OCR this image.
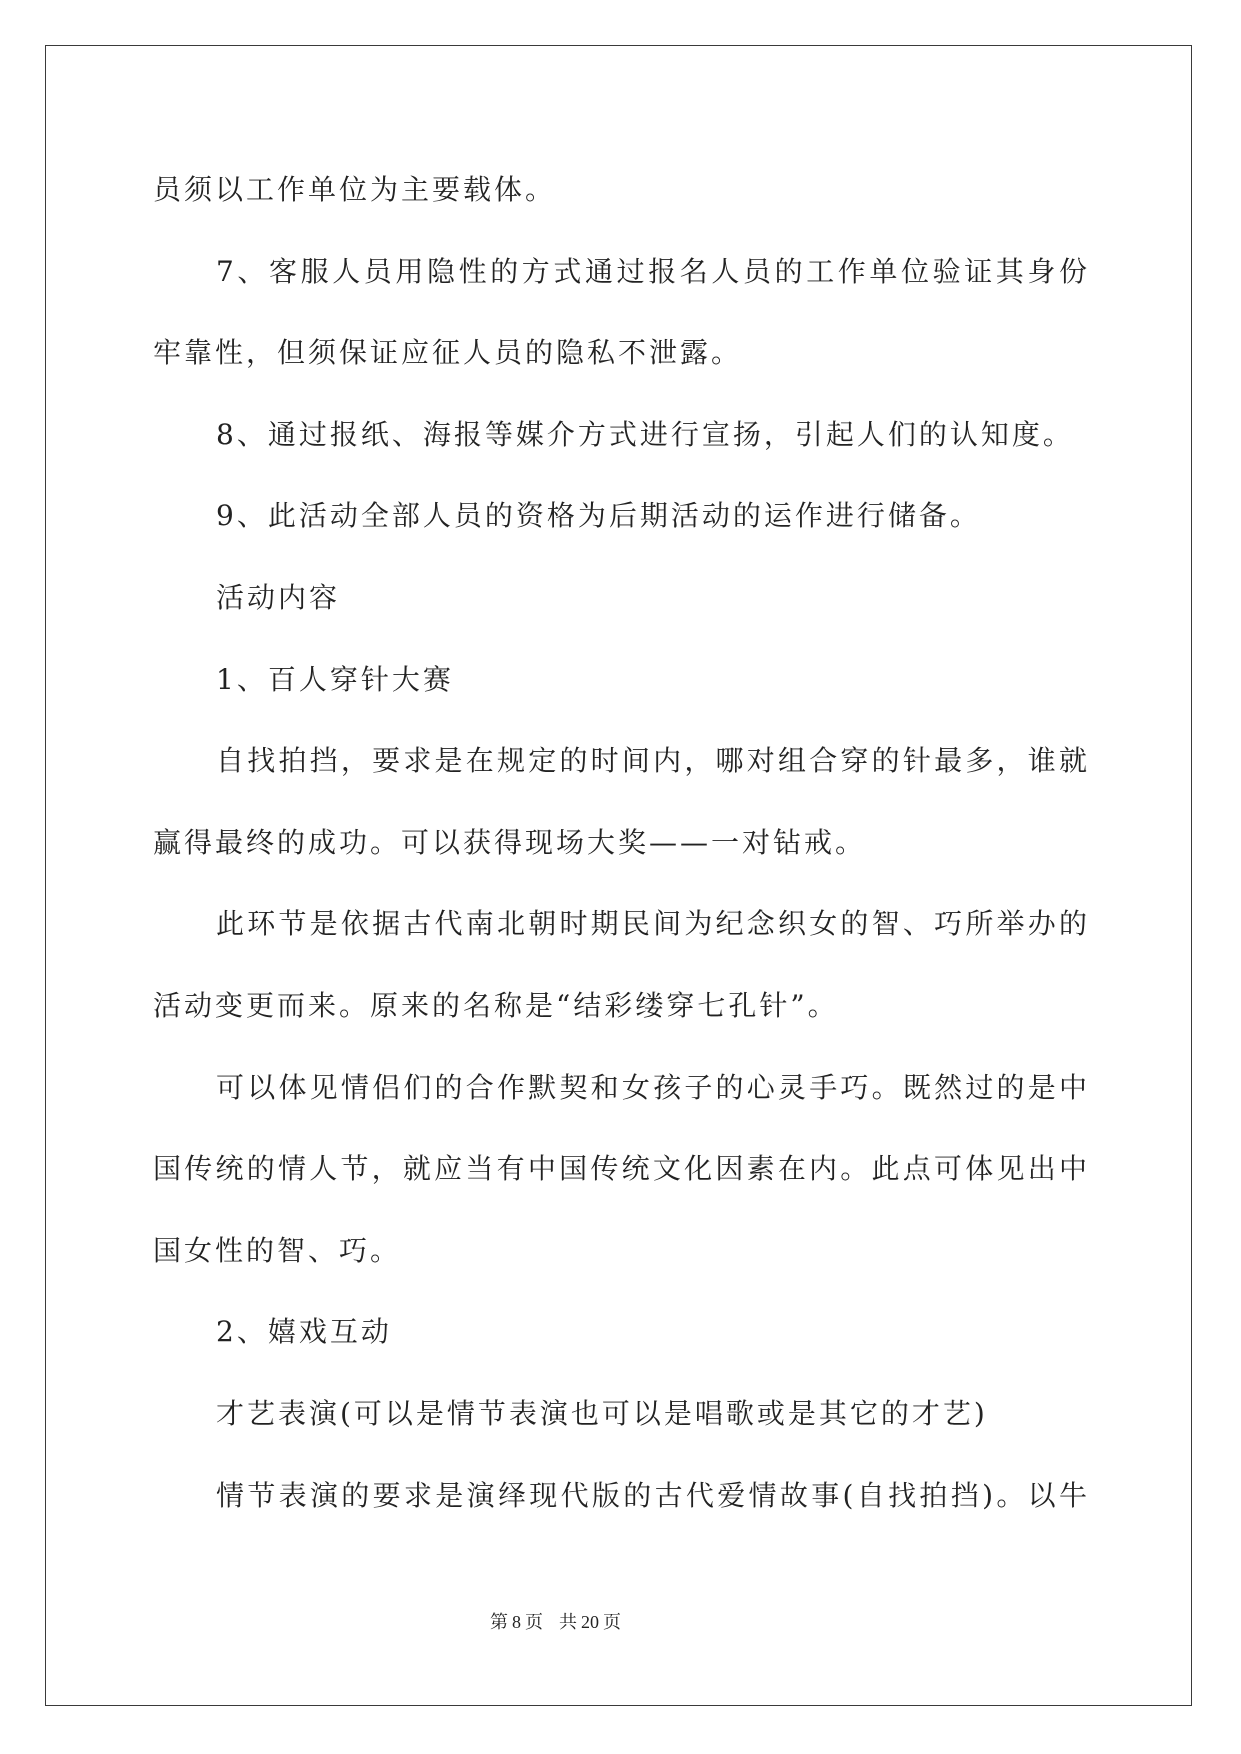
员须以工作单位为主要载体。
7、客服人员用隐性的方式通过报名人员的工作单位验证其身份
牢靠性，但须保证应征人员的隐私不泄露。
8、通过报纸、海报等媒介方式进行宣扬，引起人们的认知度。
9、此活动全部人员的资格为后期活动的运作进行储备。
活动内容
1、百人穿针大赛
自找拍挡，要求是在规定的时间内，哪对组合穿的针最多，谁就
赢得最终的成功。可以获得现场大奖——一对钻戒。
此环节是依据古代南北朝时期民间为纪念织女的智、巧所举办的
活动变更而来。原来的名称是“结彩缕穿七孔针”。
可以体见情侣们的合作默契和女孩子的心灵手巧。既然过的是中
国传统的情人节，就应当有中国传统文化因素在内。此点可体见出中
国女性的智、巧。
2、嬉戏互动
才艺表演(可以是情节表演也可以是唱歌或是其它的才艺)
情节表演的要求是演绎现代版的古代爱情故事(自找拍挡)。以牛
第 8 页 共 20 页
